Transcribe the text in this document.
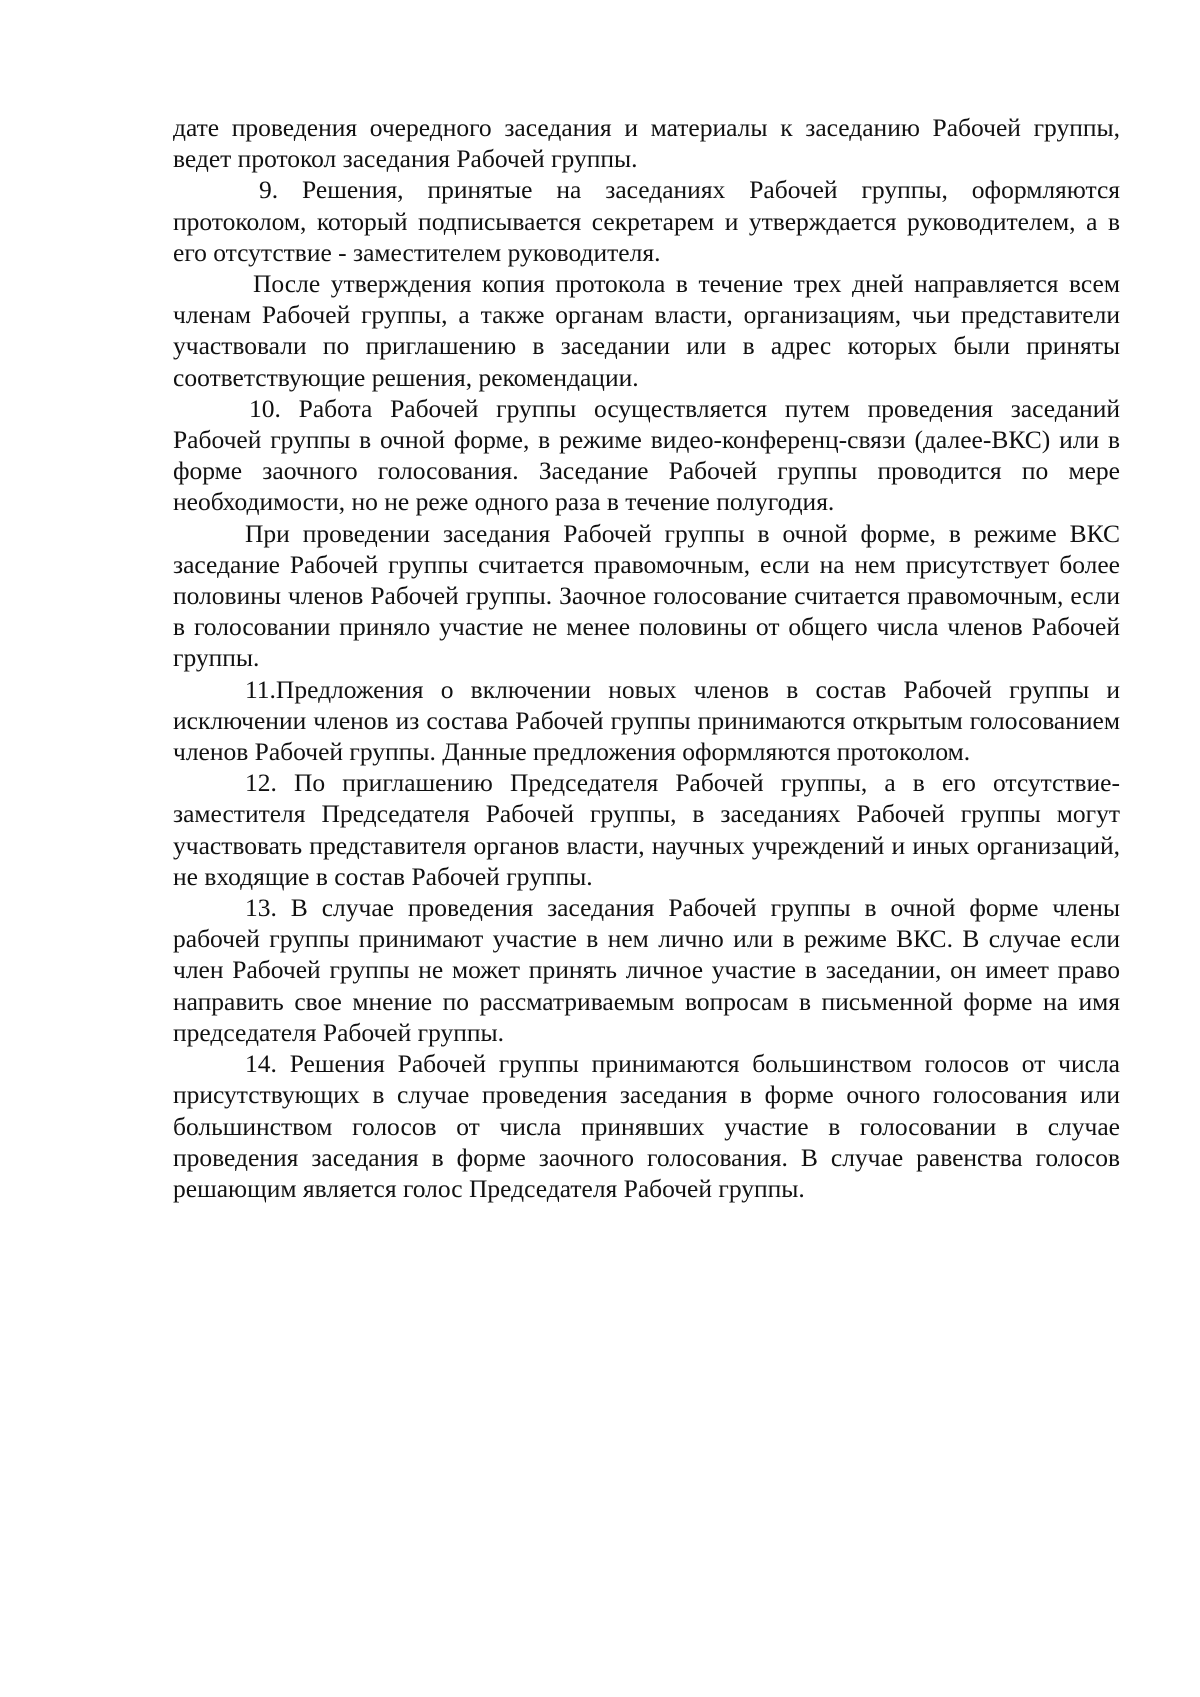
дате проведения очередного заседания и материалы к заседанию Рабочей группы, ведет протокол заседания Рабочей группы.

9. Решения, принятые на заседаниях Рабочей группы, оформляются протоколом, который подписывается секретарем и утверждается руководителем, а в его отсутствие - заместителем руководителя.

После утверждения копия протокола в течение трех дней направляется всем членам Рабочей группы, а также органам власти, организациям, чьи представители участвовали по приглашению в заседании или в адрес которых были приняты соответствующие решения, рекомендации.

10. Работа Рабочей группы осуществляется путем проведения заседаний Рабочей группы в очной форме, в режиме видео-конференц-связи (далее-ВКС) или в форме заочного голосования. Заседание Рабочей группы проводится по мере необходимости, но не реже одного раза в течение полугодия.

При проведении заседания Рабочей группы в очной форме, в режиме ВКС заседание Рабочей группы считается правомочным, если на нем присутствует более половины членов Рабочей группы. Заочное голосование считается правомочным, если в голосовании приняло участие не менее половины от общего числа членов Рабочей группы.

11.Предложения о включении новых членов в состав Рабочей группы и исключении членов из состава Рабочей группы принимаются открытым голосованием членов Рабочей группы. Данные предложения оформляются протоколом.

12. По приглашению Председателя Рабочей группы, а в его отсутствие-заместителя Председателя Рабочей группы, в заседаниях Рабочей группы могут участвовать представителя органов власти, научных учреждений и иных организаций, не входящие в состав Рабочей группы.

13. В случае проведения заседания Рабочей группы в очной форме члены рабочей группы принимают участие в нем лично или в режиме ВКС. В случае если член Рабочей группы не может принять личное участие в заседании, он имеет право направить свое мнение по рассматриваемым вопросам в письменной форме на имя председателя Рабочей группы.

14. Решения Рабочей группы принимаются большинством голосов от числа присутствующих в случае проведения заседания в форме очного голосования или большинством голосов от числа принявших участие в голосовании в случае проведения заседания в форме заочного голосования. В случае равенства голосов решающим является голос Председателя Рабочей группы.
